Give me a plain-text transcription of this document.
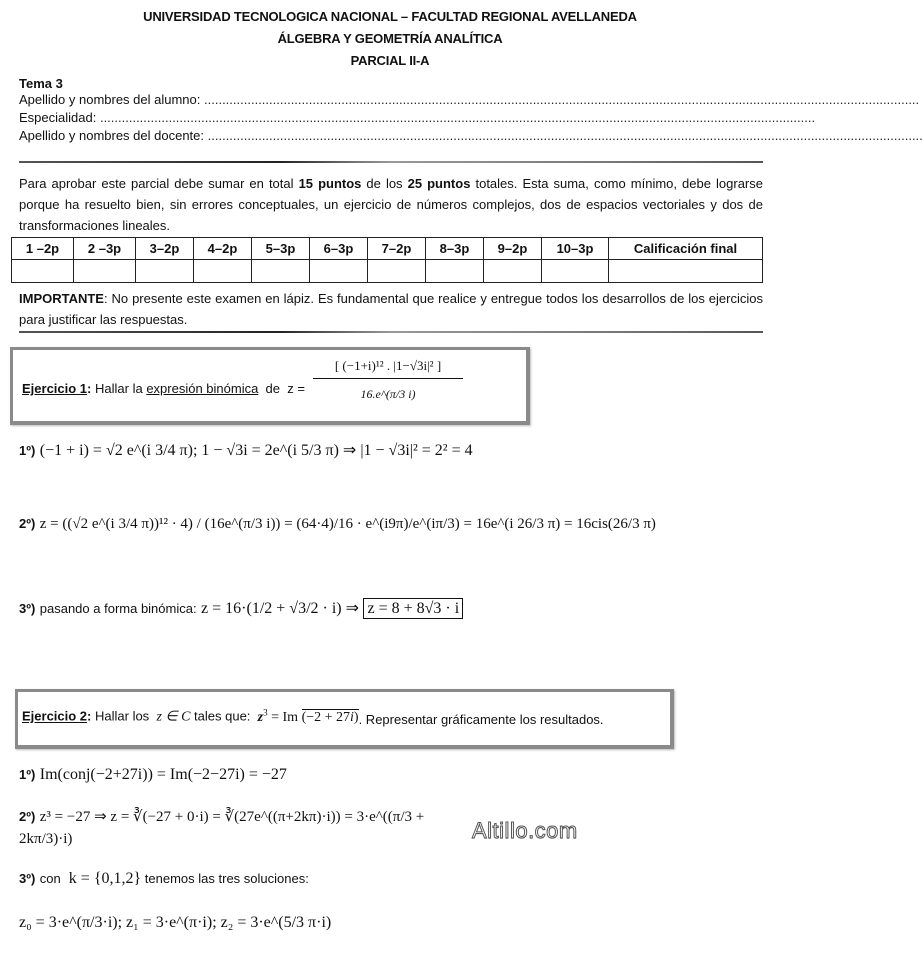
UNIVERSIDAD TECNOLOGICA NACIONAL – FACULTAD REGIONAL AVELLANEDA
ÁLGEBRA Y GEOMETRÍA ANALÍTICA
PARCIAL II-A
Tema 3
Apellido y nombres del alumno: ......................................................................................................................................................................................................
Especialidad: ......................................................................................................................................................................................................
Apellido y nombres del docente: ......................................................................................................................................................................................................
Para aprobar este parcial debe sumar en total 15 puntos de los 25 puntos totales. Esta suma, como mínimo, debe lograrse porque ha resuelto bien, sin errores conceptuales, un ejercicio de números complejos, dos de espacios vectoriales y dos de transformaciones lineales.
1 –2p	2 –3p	3–2p	4–2p	5–3p	6–3p	7–2p	8–3p	9–2p	10–3p	Calificación final

IMPORTANTE: No presente este examen en lápiz. Es fundamental que realice y entregue todos los desarrollos de los ejercicios para justificar las respuestas.
Ejercicio 1: Hallar la expresión binómica  de  $z = \frac{\text{[ (−1+i)¹² . |1−√3i|² ]}}{16.e\^{}(\pi/3 i)}$
1º) (−1 + i) = √2 e^(i 3/4 π); 1 − √3i = 2e^(i 5/3 π) ⇒ |1 − √3i|² = 2² = 4
2º) z = ((√2 e^(i 3/4 π))¹² · 4) / (16e^(π/3 i)) = (64·4)/16 · e^(i9π)/e^(iπ/3) = 16e^(i 26/3 π) = 16cis(26/3 π)
3º) pasando a forma binómica: z = 16·(1/2 + √3/2 · i) ⇒ z = 8 + 8√3 · i
Ejercicio 2: Hallar los  z ∈ C tales que:  $z^3 = Im$ (−2 + 27i). Representar gráficamente los resultados.
1º) Im(conj(−2+27i)) = Im(−2−27i) = −27
2º) z³ = −27 ⇒ z = ∛(−27 + 0·i) = ∛(27e^((π+2kπ)·i)) = 3·e^((π/3 + 2kπ/3)·i)	Altillo.com
3º) con  k = {0,1,2} tenemos las tres soluciones:
z₀ = 3·e^(π/3·i); z₁ = 3·e^(π·i); z₂ = 3·e^(5/3 π·i)
